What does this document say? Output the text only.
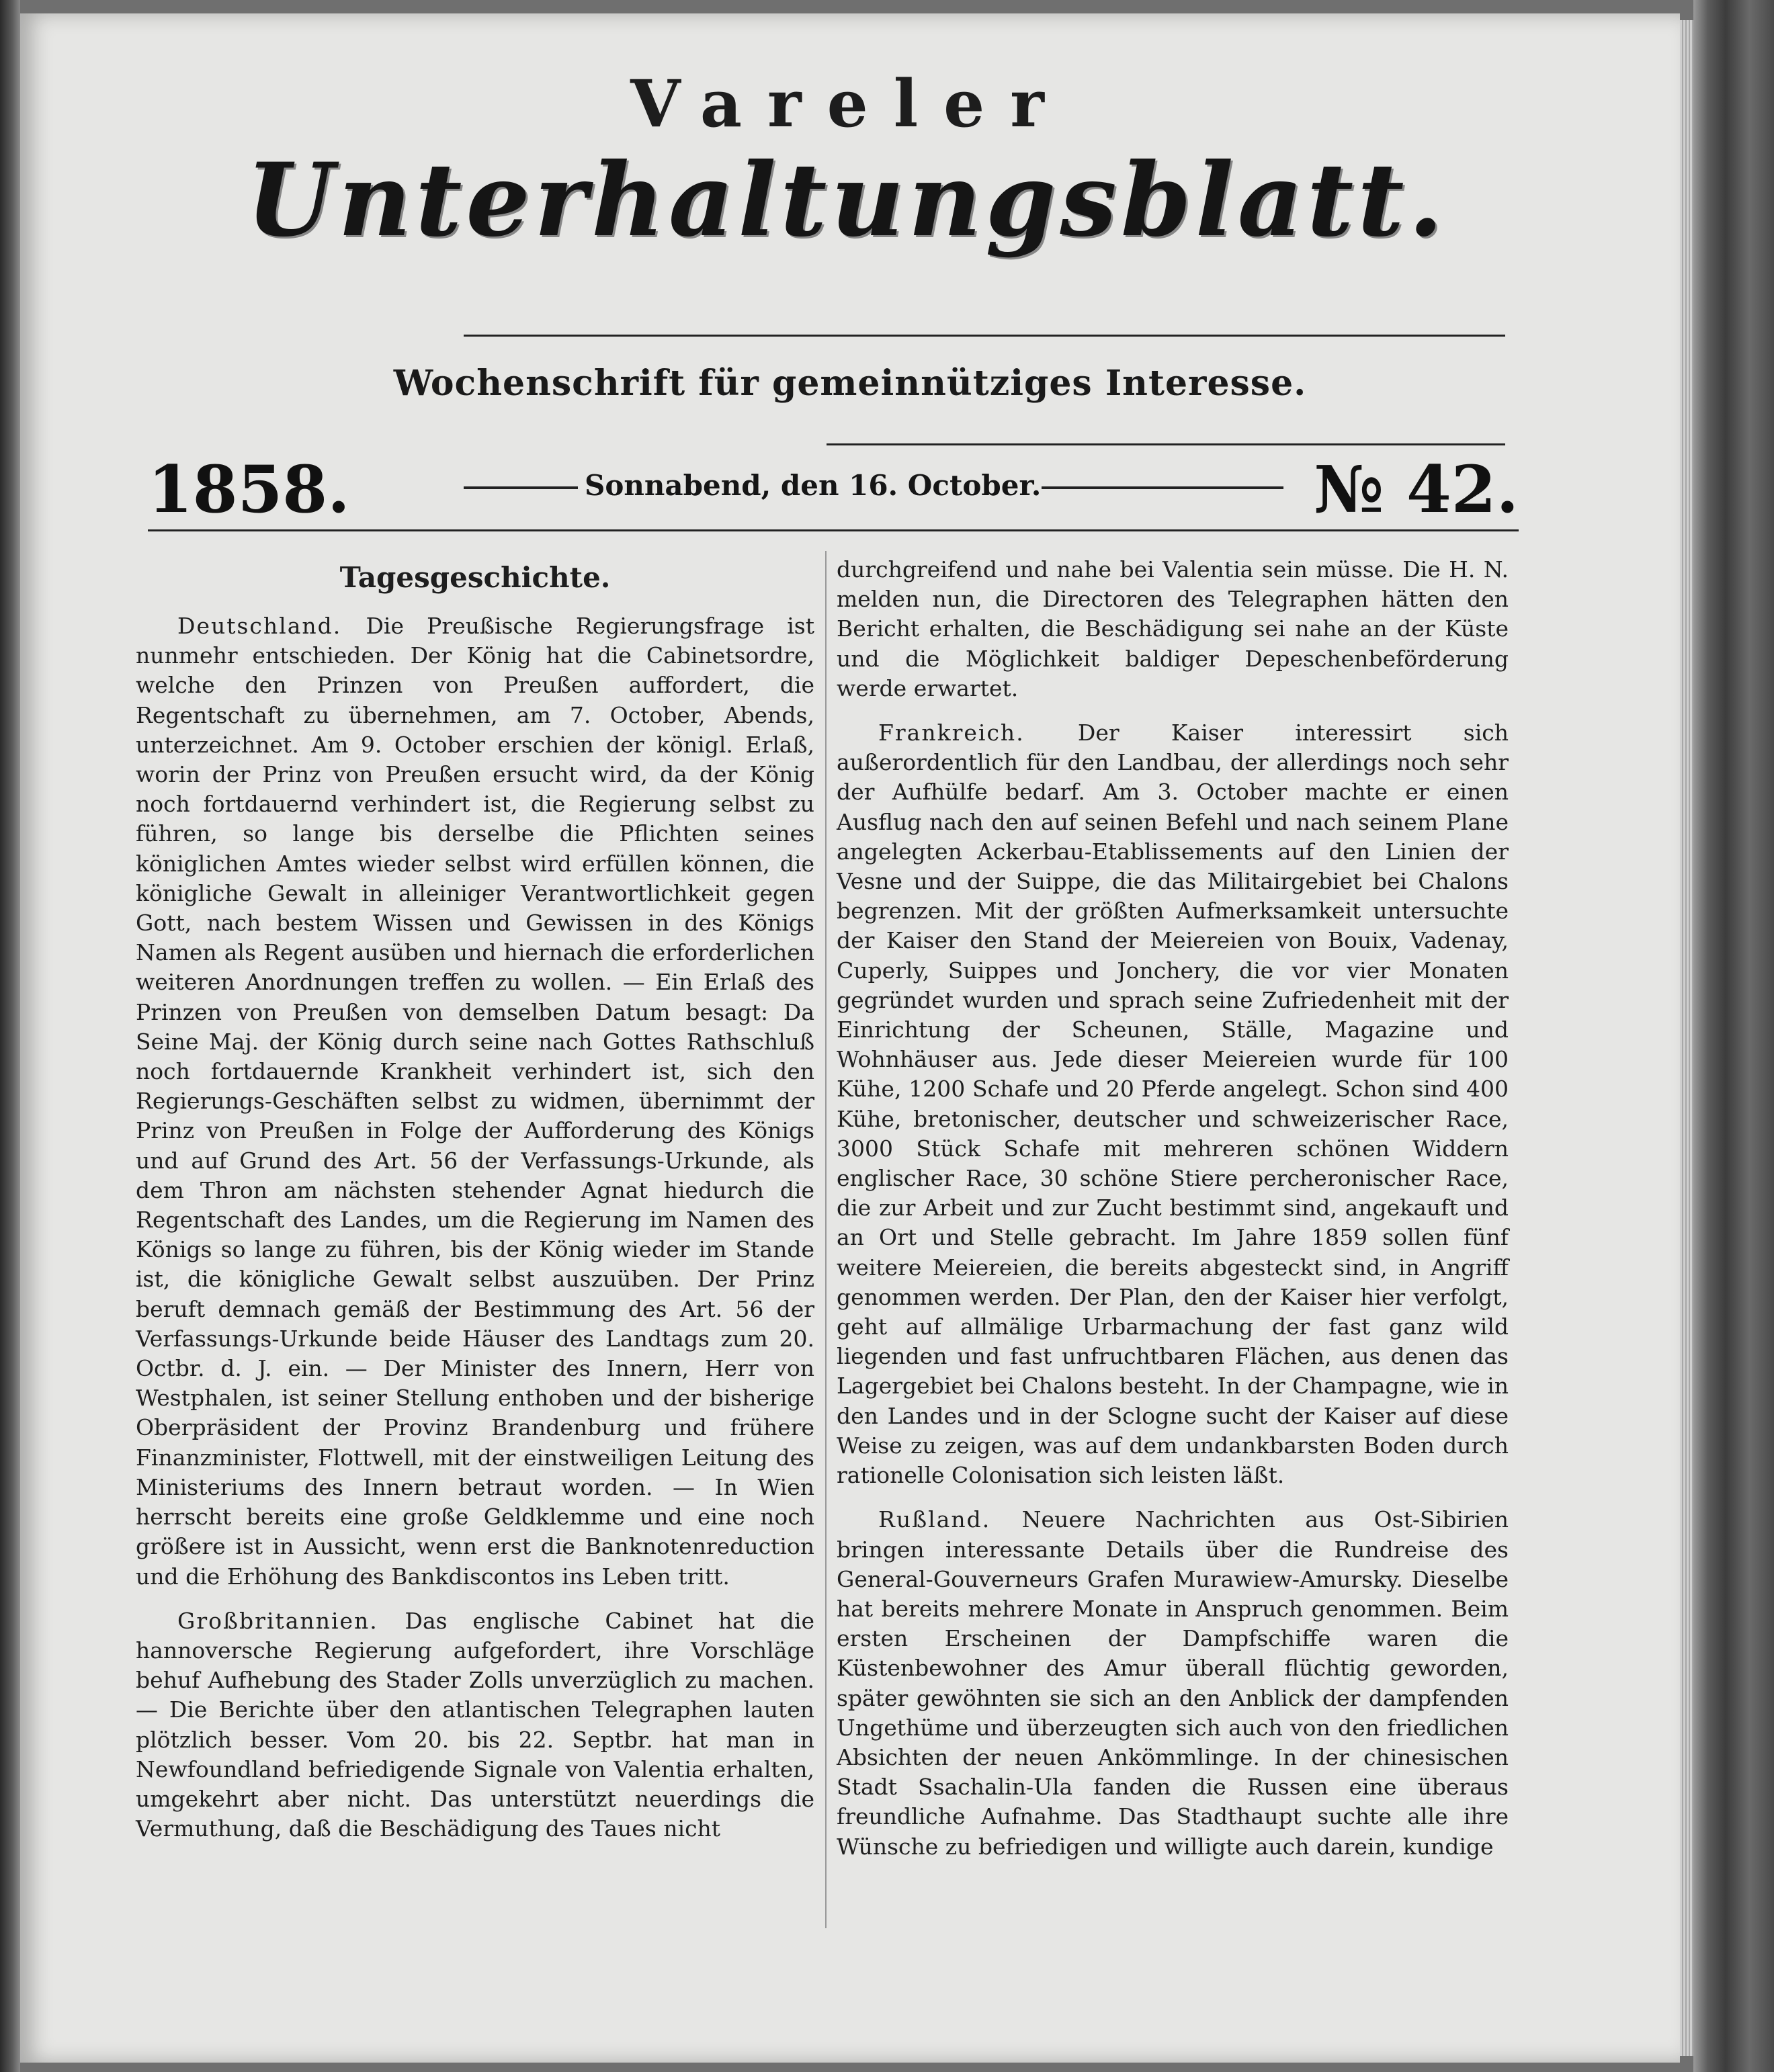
Vareler
Unterhaltungsblatt.
Wochenschrift für gemeinnütziges Interesse.
1858.	Sonnabend, den 16. October.	№ 42.
Tagesgeschichte.

Deutschland. Die Preußische Regierungsfrage ist nunmehr entschieden. Der König hat die Cabinetsordre, welche den Prinzen von Preußen auffordert, die Regentschaft zu übernehmen, am 7. October, Abends, unterzeichnet. Am 9. October erschien der königl. Erlaß, worin der Prinz von Preußen ersucht wird, da der König noch fortdauernd verhindert ist, die Regierung selbst zu führen, so lange bis derselbe die Pflichten seines königlichen Amtes wieder selbst wird erfüllen können, die königliche Gewalt in alleiniger Verantwortlichkeit gegen Gott, nach bestem Wissen und Gewissen in des Königs Namen als Regent ausüben und hiernach die erforderlichen weiteren Anordnungen treffen zu wollen. — Ein Erlaß des Prinzen von Preußen von demselben Datum besagt: Da Seine Maj. der König durch seine nach Gottes Rathschluß noch fortdauernde Krankheit verhindert ist, sich den Regierungs-Geschäften selbst zu widmen, übernimmt der Prinz von Preußen in Folge der Aufforderung des Königs und auf Grund des Art. 56 der Verfassungs-Urkunde, als dem Thron am nächsten stehender Agnat hiedurch die Regentschaft des Landes, um die Regierung im Namen des Königs so lange zu führen, bis der König wieder im Stande ist, die königliche Gewalt selbst auszuüben. Der Prinz beruft demnach gemäß der Bestimmung des Art. 56 der Verfassungs-Urkunde beide Häuser des Landtags zum 20. Octbr. d. J. ein. — Der Minister des Innern, Herr von Westphalen, ist seiner Stellung enthoben und der bisherige Oberpräsident der Provinz Brandenburg und frühere Finanzminister, Flottwell, mit der einstweiligen Leitung des Ministeriums des Innern betraut worden. — In Wien herrscht bereits eine große Geldklemme und eine noch größere ist in Aussicht, wenn erst die Banknotenreduction und die Erhöhung des Bankdiscontos ins Leben tritt.

Großbritannien. Das englische Cabinet hat die hannoversche Regierung aufgefordert, ihre Vorschläge behuf Aufhebung des Stader Zolls unverzüglich zu machen. — Die Berichte über den atlantischen Telegraphen lauten plötzlich besser. Vom 20. bis 22. Septbr. hat man in Newfoundland befriedigende Signale von Valentia erhalten, umgekehrt aber nicht. Das unterstützt neuerdings die Vermuthung, daß die Beschädigung des Taues nicht

durchgreifend und nahe bei Valentia sein müsse. Die H. N. melden nun, die Directoren des Telegraphen hätten den Bericht erhalten, die Beschädigung sei nahe an der Küste und die Möglichkeit baldiger Depeschenbeförderung werde erwartet.

Frankreich. Der Kaiser interessirt sich außerordentlich für den Landbau, der allerdings noch sehr der Aufhülfe bedarf. Am 3. October machte er einen Ausflug nach den auf seinen Befehl und nach seinem Plane angelegten Ackerbau-Etablissements auf den Linien der Vesne und der Suippe, die das Militairgebiet bei Chalons begrenzen. Mit der größten Aufmerksamkeit untersuchte der Kaiser den Stand der Meiereien von Bouix, Vadenay, Cuperly, Suippes und Jonchery, die vor vier Monaten gegründet wurden und sprach seine Zufriedenheit mit der Einrichtung der Scheunen, Ställe, Magazine und Wohnhäuser aus. Jede dieser Meiereien wurde für 100 Kühe, 1200 Schafe und 20 Pferde angelegt. Schon sind 400 Kühe, bretonischer, deutscher und schweizerischer Race, 3000 Stück Schafe mit mehreren schönen Widdern englischer Race, 30 schöne Stiere percheronischer Race, die zur Arbeit und zur Zucht bestimmt sind, angekauft und an Ort und Stelle gebracht. Im Jahre 1859 sollen fünf weitere Meiereien, die bereits abgesteckt sind, in Angriff genommen werden. Der Plan, den der Kaiser hier verfolgt, geht auf allmälige Urbarmachung der fast ganz wild liegenden und fast unfruchtbaren Flächen, aus denen das Lagergebiet bei Chalons besteht. In der Champagne, wie in den Landes und in der Sclogne sucht der Kaiser auf diese Weise zu zeigen, was auf dem undankbarsten Boden durch rationelle Colonisation sich leisten läßt.

Rußland. Neuere Nachrichten aus Ost-Sibirien bringen interessante Details über die Rundreise des General-Gouverneurs Grafen Murawiew-Amursky. Dieselbe hat bereits mehrere Monate in Anspruch genommen. Beim ersten Erscheinen der Dampfschiffe waren die Küstenbewohner des Amur überall flüchtig geworden, später gewöhnten sie sich an den Anblick der dampfenden Ungethüme und überzeugten sich auch von den friedlichen Absichten der neuen Ankömmlinge. In der chinesischen Stadt Ssachalin-Ula fanden die Russen eine überaus freundliche Aufnahme. Das Stadthaupt suchte alle ihre Wünsche zu befriedigen und willigte auch darein, kundige
